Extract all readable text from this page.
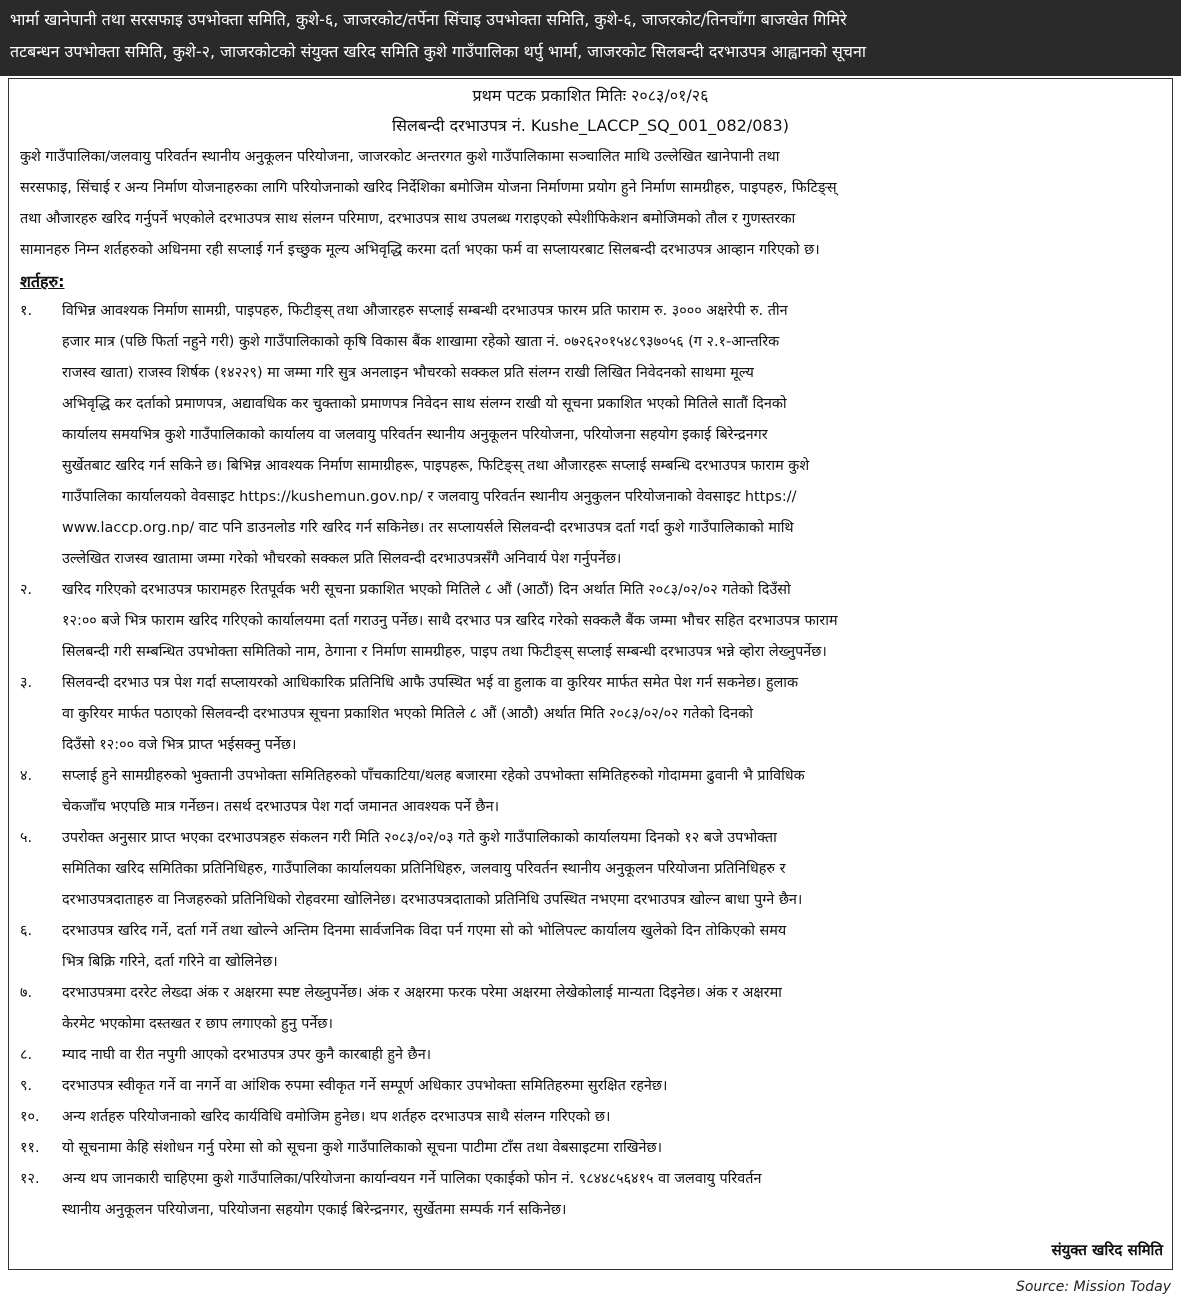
भार्मा खानेपानी तथा सरसफाइ उपभोक्ता समिति, कुशे-६, जाजरकोट/तर्पेना सिंचाइ उपभोक्ता समिति, कुशे-६, जाजरकोट/तिनचाँगा बाजखेत गिमिरे

तटबन्धन उपभोक्ता समिति, कुशे-२, जाजरकोटको संयुक्त खरिद समिति कुशे गाउँपालिका थर्पु भार्मा, जाजरकोट सिलबन्दी दरभाउपत्र आह्वानको सूचना

प्रथम पटक प्रकाशित मितिः २०८३/०१/२६
सिलबन्दी दरभाउपत्र नं. Kushe_LACCP_SQ_001_082/083)

कुशे गाउँपालिका/जलवायु परिवर्तन स्थानीय अनुकूलन परियोजना, जाजरकोट अन्तरगत कुशे गाउँपालिकामा सञ्चालित माथि उल्लेखित खानेपानी तथा

सरसफाइ, सिंचाई र अन्य निर्माण योजनाहरुका लागि परियोजनाको खरिद निर्देशिका बमोजिम योजना निर्माणमा प्रयोग हुने निर्माण सामग्रीहरु, पाइपहरु, फिटिङ्स्

तथा औजारहरु खरिद गर्नुपर्ने भएकोले दरभाउपत्र साथ संलग्न परिमाण, दरभाउपत्र साथ उपलब्ध गराइएको स्पेशीफिकेशन बमोजिमको तौल र गुणस्तरका

सामानहरु निम्न शर्तहरुको अधिनमा रही सप्लाई गर्न इच्छुक मूल्य अभिवृद्धि करमा दर्ता भएका फर्म वा सप्लायरबाट सिलबन्दी दरभाउपत्र आव्हान गरिएको छ।

शर्तहरु:
१.	विभिन्न आवश्यक निर्माण सामग्री, पाइपहरु, फिटीङ्स् तथा औजारहरु सप्लाई सम्बन्धी दरभाउपत्र फारम प्रति फाराम रु. ३००० अक्षरेपी रु. तीन

हजार मात्र (पछि फिर्ता नहुने गरी) कुशे गाउँपालिकाको कृषि विकास बैंक शाखामा रहेको खाता नं. ०७२६२०१५४८९३७०५६ (ग २.१-आन्तरिक

राजस्व खाता) राजस्व शिर्षक (१४२२९) मा जम्मा गरि सुत्र अनलाइन भौचरको सक्कल प्रति संलग्न राखी लिखित निवेदनको साथमा मूल्य

अभिवृद्धि कर दर्ताको प्रमाणपत्र, अद्यावधिक कर चुक्ताको प्रमाणपत्र निवेदन साथ संलग्न राखी यो सूचना प्रकाशित भएको मितिले सातौं दिनको

कार्यालय समयभित्र कुशे गाउँपालिकाको कार्यालय वा जलवायु परिवर्तन स्थानीय अनुकूलन परियोजना, परियोजना सहयोग इकाई बिरेन्द्रनगर

सुर्खेतबाट खरिद गर्न सकिने छ। बिभिन्न आवश्यक निर्माण सामाग्रीहरू, पाइपहरू, फिटिङ्स् तथा औजारहरू सप्लाई सम्बन्धि दरभाउपत्र फाराम कुशे

गाउँपालिका कार्यालयको वेवसाइट https://kushemun.gov.np/ र जलवायु परिवर्तन स्थानीय अनुकुलन परियोजनाको वेवसाइट https://

www.laccp.org.np/ वाट पनि डाउनलोड गरि खरिद गर्न सकिनेछ। तर सप्लायर्सले सिलवन्दी दरभाउपत्र दर्ता गर्दा कुशे गाउँपालिकाको माथि

उल्लेखित राजस्व खातामा जम्मा गरेको भौचरको सक्कल प्रति सिलवन्दी दरभाउपत्रसँगै अनिवार्य पेश गर्नुपर्नेछ।

२.	खरिद गरिएको दरभाउपत्र फारामहरु रितपूर्वक भरी सूचना प्रकाशित भएको मितिले ८ औं (आठौं) दिन अर्थात मिति २०८३/०२/०२ गतेको दिउँसो

१२:०० बजे भित्र फाराम खरिद गरिएको कार्यालयमा दर्ता गराउनु पर्नेछ। साथै दरभाउ पत्र खरिद गरेको सक्कलै बैंक जम्मा भौचर सहित दरभाउपत्र फाराम

सिलबन्दी गरी सम्बन्धित उपभोक्ता समितिको नाम, ठेगाना र निर्माण सामग्रीहरु, पाइप तथा फिटीङ्स् सप्लाई सम्बन्धी दरभाउपत्र भन्ने व्होरा लेख्नुपर्नेछ।

३.	सिलवन्दी दरभाउ पत्र पेश गर्दा सप्लायरको आधिकारिक प्रतिनिधि आफै उपस्थित भई वा हुलाक वा कुरियर मार्फत समेत पेश गर्न सकनेछ। हुलाक

वा कुरियर मार्फत पठाएको सिलवन्दी दरभाउपत्र सूचना प्रकाशित भएको मितिले ८ औं (आठौ) अर्थात मिति २०८३/०२/०२ गतेको दिनको

दिउँसो १२:०० वजे भित्र प्राप्त भईसक्नु पर्नेछ।

४.	सप्लाई हुने सामग्रीहरुको भुक्तानी उपभोक्ता समितिहरुको पाँचकाटिया/थलह बजारमा रहेको उपभोक्ता समितिहरुको गोदाममा ढुवानी भै प्राविधिक

चेकजाँच भएपछि मात्र गर्नेछन। तसर्थ दरभाउपत्र पेश गर्दा जमानत आवश्यक पर्ने छैन।

५.	उपरोक्त अनुसार प्राप्त भएका दरभाउपत्रहरु संकलन गरी मिति २०८३/०२/०३ गते कुशे गाउँपालिकाको कार्यालयमा दिनको १२ बजे उपभोक्ता

समितिका खरिद समितिका प्रतिनिधिहरु, गाउँपालिका कार्यालयका प्रतिनिधिहरु, जलवायु परिवर्तन स्थानीय अनुकूलन परियोजना प्रतिनिधिहरु र

दरभाउपत्रदाताहरु वा निजहरुको प्रतिनिधिको रोहवरमा खोलिनेछ। दरभाउपत्रदाताको प्रतिनिधि उपस्थित नभएमा दरभाउपत्र खोल्न बाधा पुग्ने छैन।

६.	दरभाउपत्र खरिद गर्ने, दर्ता गर्ने तथा खोल्ने अन्तिम दिनमा सार्वजनिक विदा पर्न गएमा सो को भोलिपल्ट कार्यालय खुलेको दिन तोकिएको समय

भित्र बिक्रि गरिने, दर्ता गरिने वा खोलिनेछ।

७.	दरभाउपत्रमा दररेट लेख्दा अंक र अक्षरमा स्पष्ट लेख्नुपर्नेछ। अंक र अक्षरमा फरक परेमा अक्षरमा लेखेकोलाई मान्यता दिइनेछ। अंक र अक्षरमा

केरमेट भएकोमा दस्तखत र छाप लगाएको हुनु पर्नेछ।

८.	म्याद नाघी वा रीत नपुगी आएको दरभाउपत्र उपर कुनै कारबाही हुने छैन।

९.	दरभाउपत्र स्वीकृत गर्ने वा नगर्ने वा आंशिक रुपमा स्वीकृत गर्ने सम्पूर्ण अधिकार उपभोक्ता समितिहरुमा सुरक्षित रहनेछ।

१०.	अन्य शर्तहरु परियोजनाको खरिद कार्यविधि वमोजिम हुनेछ। थप शर्तहरु दरभाउपत्र साथै संलग्न गरिएको छ।

११.	यो सूचनामा केहि संशोधन गर्नु परेमा सो को सूचना कुशे गाउँपालिकाको सूचना पाटीमा टाँस तथा वेबसाइटमा राखिनेछ।

१२.	अन्य थप जानकारी चाहिएमा कुशे गाउँपालिका/परियोजना कार्यान्वयन गर्ने पालिका एकाईको फोन नं. ९८४४८५६४१५ वा जलवायु परिवर्तन

स्थानीय अनुकूलन परियोजना, परियोजना सहयोग एकाई बिरेन्द्रनगर, सुर्खेतमा सम्पर्क गर्न सकिनेछ।

संयुक्त खरिद समिति
Source: Mission Today
